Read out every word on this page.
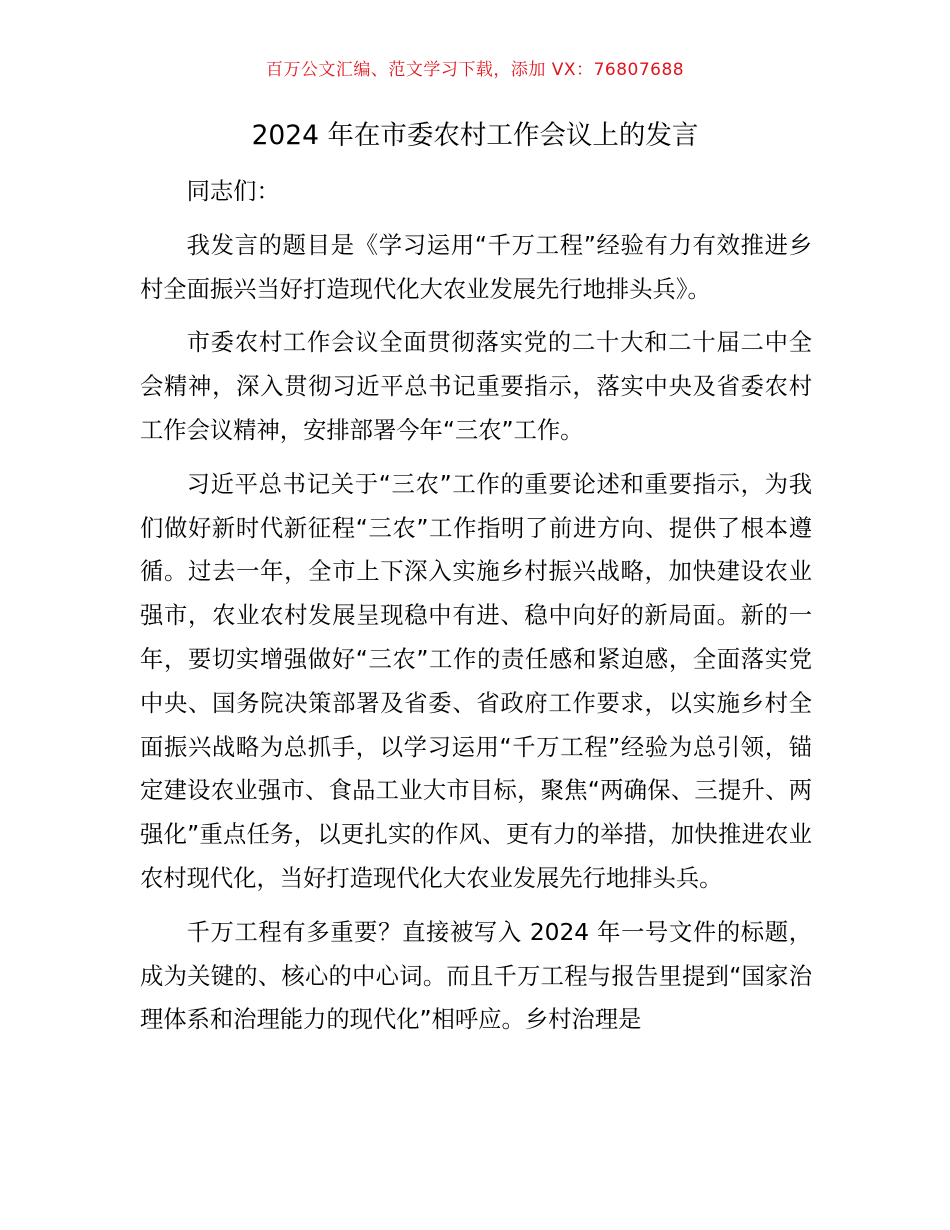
百万公文汇编、范文学习下载，添加 VX：76807688
2024 年在市委农村工作会议上的发言

同志们：

我发言的题目是《学习运用“千万工程”经验有力有效推进乡村全面振兴当好打造现代化大农业发展先行地排头兵》。

市委农村工作会议全面贯彻落实党的二十大和二十届二中全会精神，深入贯彻习近平总书记重要指示，落实中央及省委农村工作会议精神，安排部署今年“三农”工作。

习近平总书记关于“三农”工作的重要论述和重要指示，为我们做好新时代新征程“三农”工作指明了前进方向、提供了根本遵循。过去一年，全市上下深入实施乡村振兴战略，加快建设农业强市，农业农村发展呈现稳中有进、稳中向好的新局面。新的一年，要切实增强做好“三农”工作的责任感和紧迫感，全面落实党中央、国务院决策部署及省委、省政府工作要求，以实施乡村全面振兴战略为总抓手，以学习运用“千万工程”经验为总引领，锚定建设农业强市、食品工业大市目标，聚焦“两确保、三提升、两强化”重点任务，以更扎实的作风、更有力的举措，加快推进农业农村现代化，当好打造现代化大农业发展先行地排头兵。

千万工程有多重要？直接被写入 2024 年一号文件的标题，成为关键的、核心的中心词。而且千万工程与报告里提到“国家治理体系和治理能力的现代化”相呼应。乡村治理是
